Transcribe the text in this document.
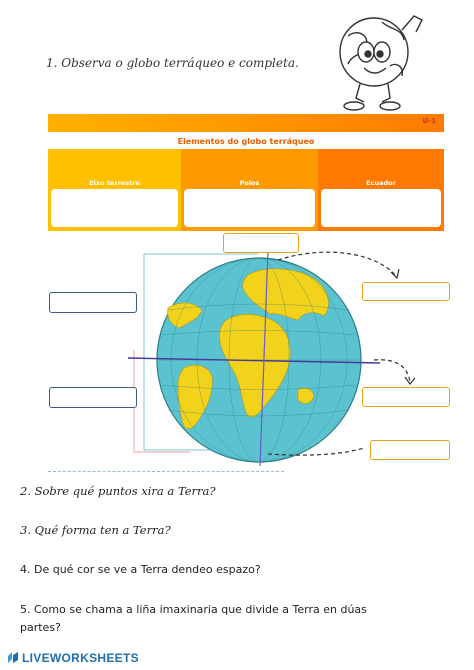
1. Observa o globo terráqueo e completa.
U-1
Elementos do globo terráqueo
Eixo terrestre	Polos	Ecuador
2. Sobre qué puntos xira a Terra?
3. Qué forma ten a Terra?
4. De qué cor se ve a Terra dendeo espazo?
5. Como se chama a liña imaxinaria que divide a Terra en dúas
partes?
LIVEWORKSHEETS
